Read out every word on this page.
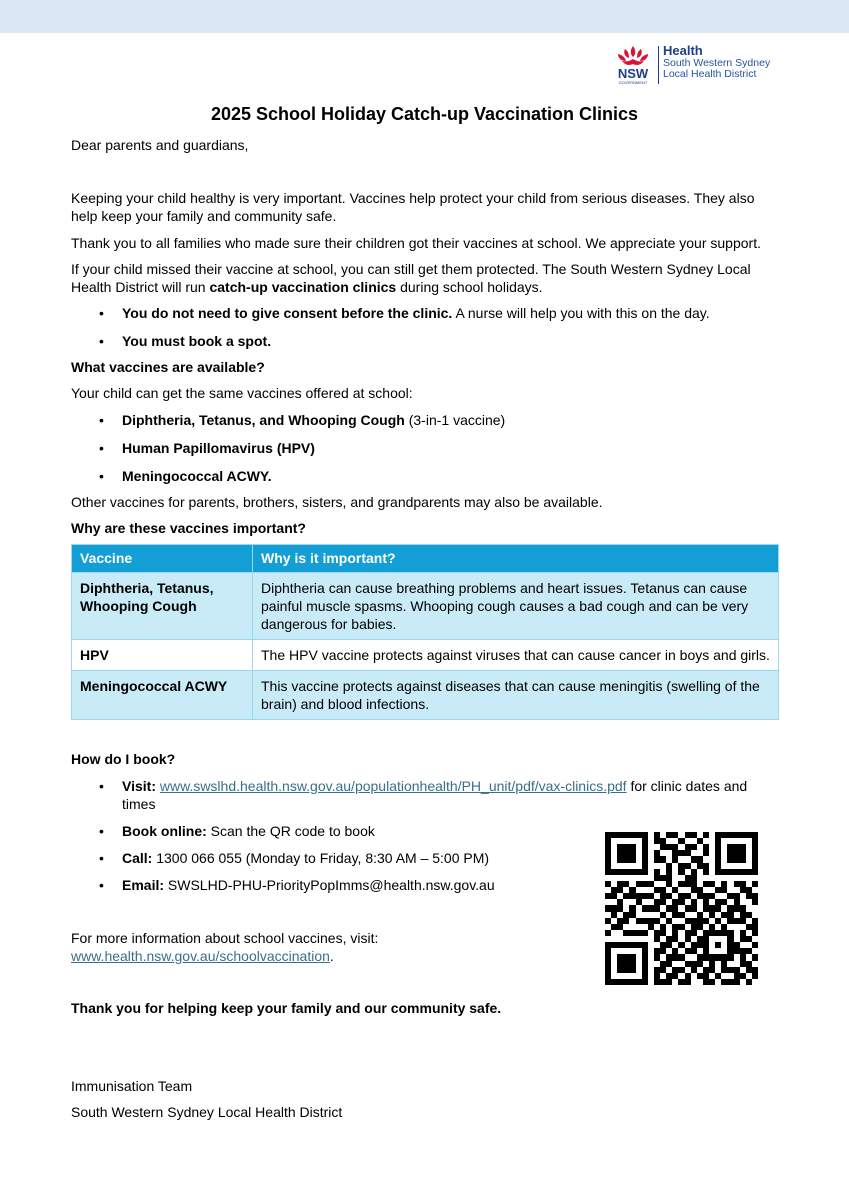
NSW
GOVERNMENT
Health
South Western Sydney
Local Health District
2025 School Holiday Catch-up Vaccination Clinics
Dear parents and guardians,
Keeping your child healthy is very important. Vaccines help protect your child from serious diseases. They also help keep your family and community safe.
Thank you to all families who made sure their children got their vaccines at school. We appreciate your support.
If your child missed their vaccine at school, you can still get them protected. The South Western Sydney Local Health District will run catch-up vaccination clinics during school holidays.
• You do not need to give consent before the clinic. A nurse will help you with this on the day.
• You must book a spot.
What vaccines are available?
Your child can get the same vaccines offered at school:
• Diphtheria, Tetanus, and Whooping Cough (3-in-1 vaccine)
• Human Papillomavirus (HPV)
• Meningococcal ACWY.
Other vaccines for parents, brothers, sisters, and grandparents may also be available.
Why are these vaccines important?
Vaccine	Why is it important?
Diphtheria, Tetanus, Whooping Cough	Diphtheria can cause breathing problems and heart issues. Tetanus can cause painful muscle spasms. Whooping cough causes a bad cough and can be very dangerous for babies.
HPV	The HPV vaccine protects against viruses that can cause cancer in boys and girls.
Meningococcal ACWY	This vaccine protects against diseases that can cause meningitis (swelling of the brain) and blood infections.
How do I book?
• Visit: www.swslhd.health.nsw.gov.au/populationhealth/PH_unit/pdf/vax-clinics.pdf for clinic dates and times
• Book online: Scan the QR code to book
• Call: 1300 066 055 (Monday to Friday, 8:30 AM – 5:00 PM)
• Email: SWSLHD-PHU-PriorityPopImms@health.nsw.gov.au
For more information about school vaccines, visit:
www.health.nsw.gov.au/schoolvaccination.
Thank you for helping keep your family and our community safe.
Immunisation Team
South Western Sydney Local Health District
